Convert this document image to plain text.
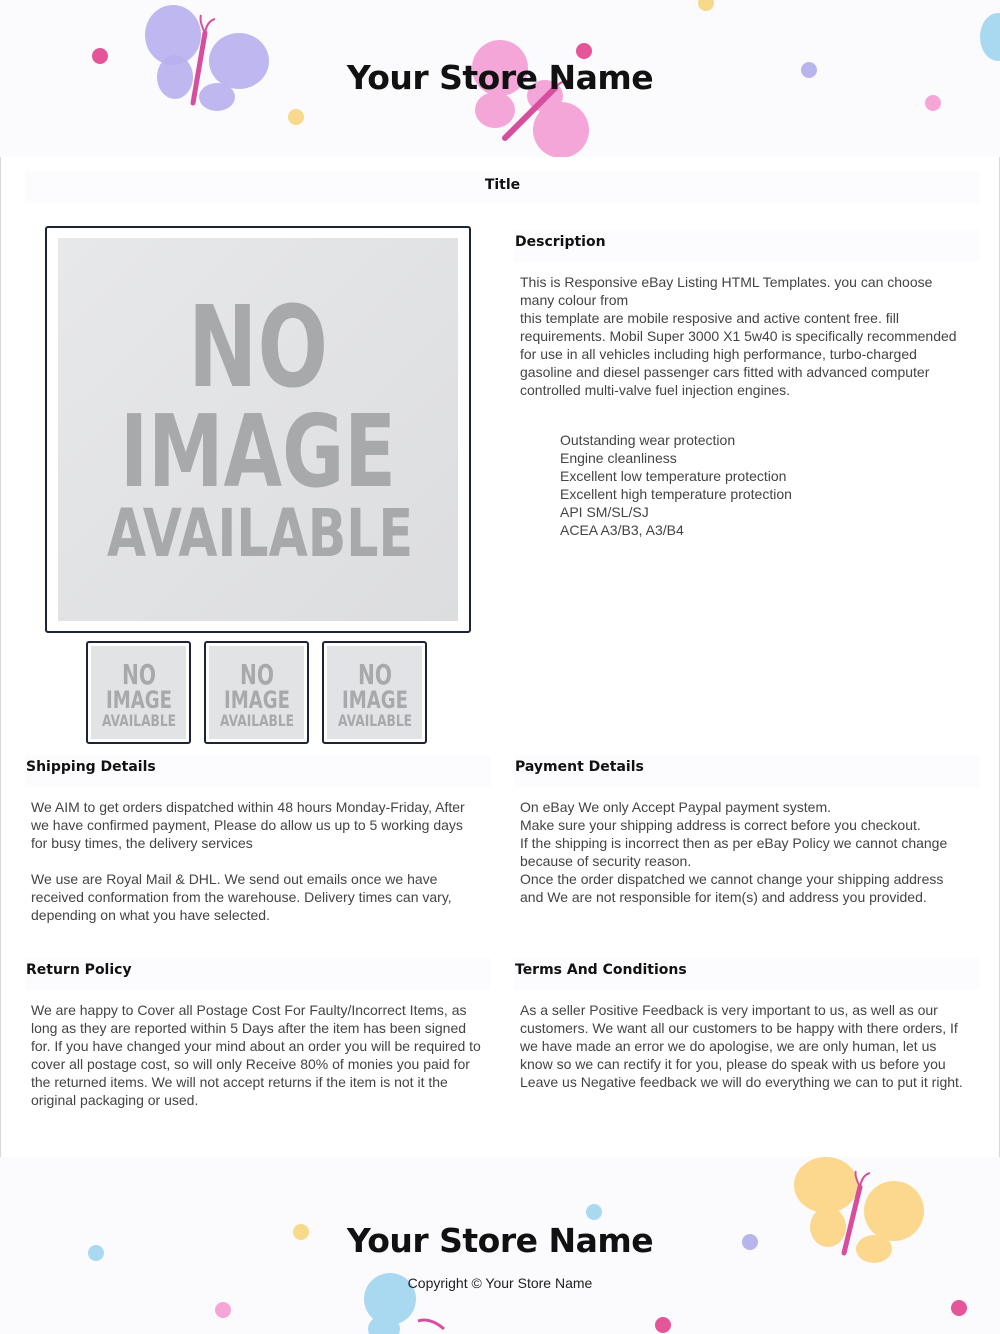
Your Store Name
Title
NO
IMAGE
AVAILABLE
NO
IMAGE
AVAILABLE
NO
IMAGE
AVAILABLE
NO
IMAGE
AVAILABLE
Description

This is Responsive eBay Listing HTML Templates. you can choose many colour from

this template are mobile resposive and active content free. fill requirements. Mobil Super 3000 X1 5w40 is specifically recommended for use in all vehicles including high performance, turbo-charged gasoline and diesel passenger cars fitted with advanced computer controlled multi-valve fuel injection engines.

Outstanding wear protection
Engine cleanliness
Excellent low temperature protection
Excellent high temperature protection
API SM/SL/SJ
ACEA A3/B3, A3/B4
Shipping Details

We AIM to get orders dispatched within 48 hours Monday-Friday, After we have confirmed payment, Please do allow us up to 5 working days for busy times, the delivery services

We use are Royal Mail & DHL. We send out emails once we have received conformation from the warehouse. Delivery times can vary, depending on what you have selected.

Payment Details

On eBay We only Accept Paypal payment system.

Make sure your shipping address is correct before you checkout.

If the shipping is incorrect then as per eBay Policy we cannot change because of security reason.

Once the order dispatched we cannot change your shipping address and We are not responsible for item(s) and address you provided.

Return Policy
We are happy to Cover all Postage Cost For Faulty/Incorrect Items, as long as they are reported within 5 Days after the item has been signed for. If you have changed your mind about an order you will be required to cover all postage cost, so will only Receive 80% of monies you paid for the returned items. We will not accept returns if the item is not it the original packaging or used.
Terms And Conditions
As a seller Positive Feedback is very important to us, as well as our customers. We want all our customers to be happy with there orders, If we have made an error we do apologise, we are only human, let us know so we can rectify it for you, please do speak with us before you Leave us Negative feedback we will do everything we can to put it right.
Your Store Name
Copyright © Your Store Name
